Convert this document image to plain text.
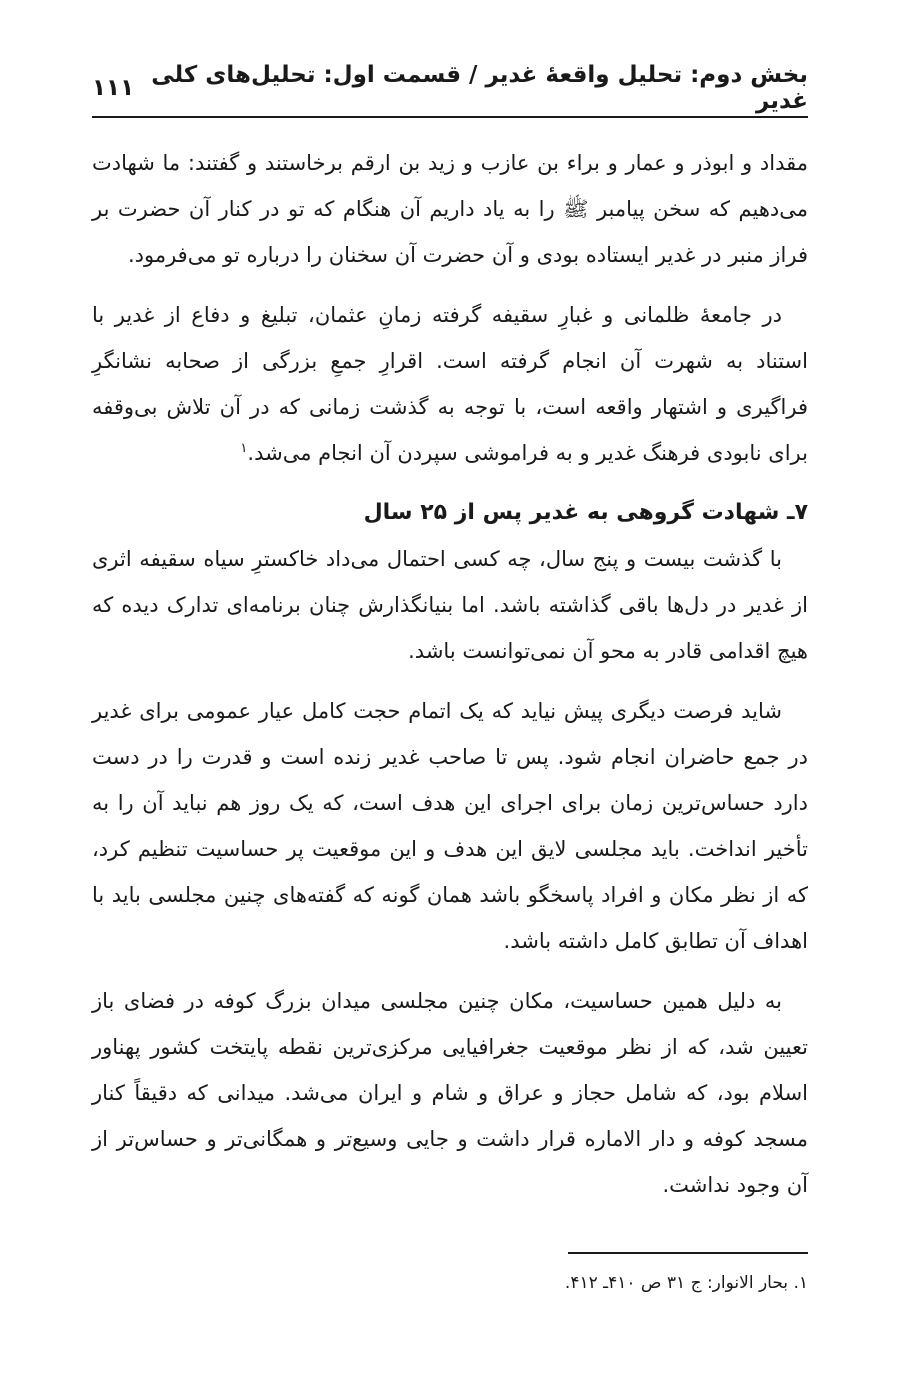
بخش دوم: تحلیل واقعهٔ غدیر / قسمت اول: تحلیل‌های کلی غدیر
۱۱۱

مقداد و ابوذر و عمار و براء بن عازب و زید بن ارقم برخاستند و گفتند: ما شهادت می‌دهیم که سخن پیامبر ﷺ را به یاد داریم آن هنگام که تو در کنار آن حضرت بر فراز منبر در غدیر ایستاده بودی و آن حضرت آن سخنان را درباره تو می‌فرمود.

در جامعهٔ ظلمانی و غبارِ سقیفه گرفته زمانِ عثمان، تبلیغ و دفاع از غدیر با استناد به شهرت آن انجام گرفته است. اقرارِ جمعِ بزرگی از صحابه نشانگرِ فراگیری و اشتهار واقعه است، با توجه به گذشت زمانی که در آن تلاش بی‌وقفه برای نابودی فرهنگ غدیر و به فراموشی سپردن آن انجام می‌شد.$^۱$

۷ـ شهادت گروهی به غدیر پس از ۲۵ سال

با گذشت بیست و پنج سال، چه کسی احتمال می‌داد خاکسترِ سیاه سقیفه اثری از غدیر در دل‌ها باقی گذاشته باشد. اما بنیانگذارش چنان برنامه‌ای تدارک دیده که هیچ اقدامی قادر به محو آن نمی‌توانست باشد.

شاید فرصت دیگری پیش نیاید که یک اتمام حجت کامل عیار عمومی برای غدیر در جمع حاضران انجام شود. پس تا صاحب غدیر زنده است و قدرت را در دست دارد حساس‌ترین زمان برای اجرای این هدف است، که یک روز هم نباید آن را به تأخیر انداخت. باید مجلسی لایق این هدف و این موقعیت پر حساسیت تنظیم کرد، که از نظر مکان و افراد پاسخگو باشد همان گونه که گفته‌های چنین مجلسی باید با اهداف آن تطابق کامل داشته باشد.

به دلیل همین حساسیت، مکان چنین مجلسی میدان بزرگ کوفه در فضای باز تعیین شد، که از نظر موقعیت جغرافیایی مرکزی‌ترین نقطه پایتخت کشور پهناور اسلام بود، که شامل حجاز و عراق و شام و ایران می‌شد. میدانی که دقیقاً کنار مسجد کوفه و دار الاماره قرار داشت و جایی وسیع‌تر و همگانی‌تر و حساس‌تر از آن وجود نداشت.

۱. بحار الانوار: ج ۳۱ ص ۴۱۰ـ ۴۱۲.
